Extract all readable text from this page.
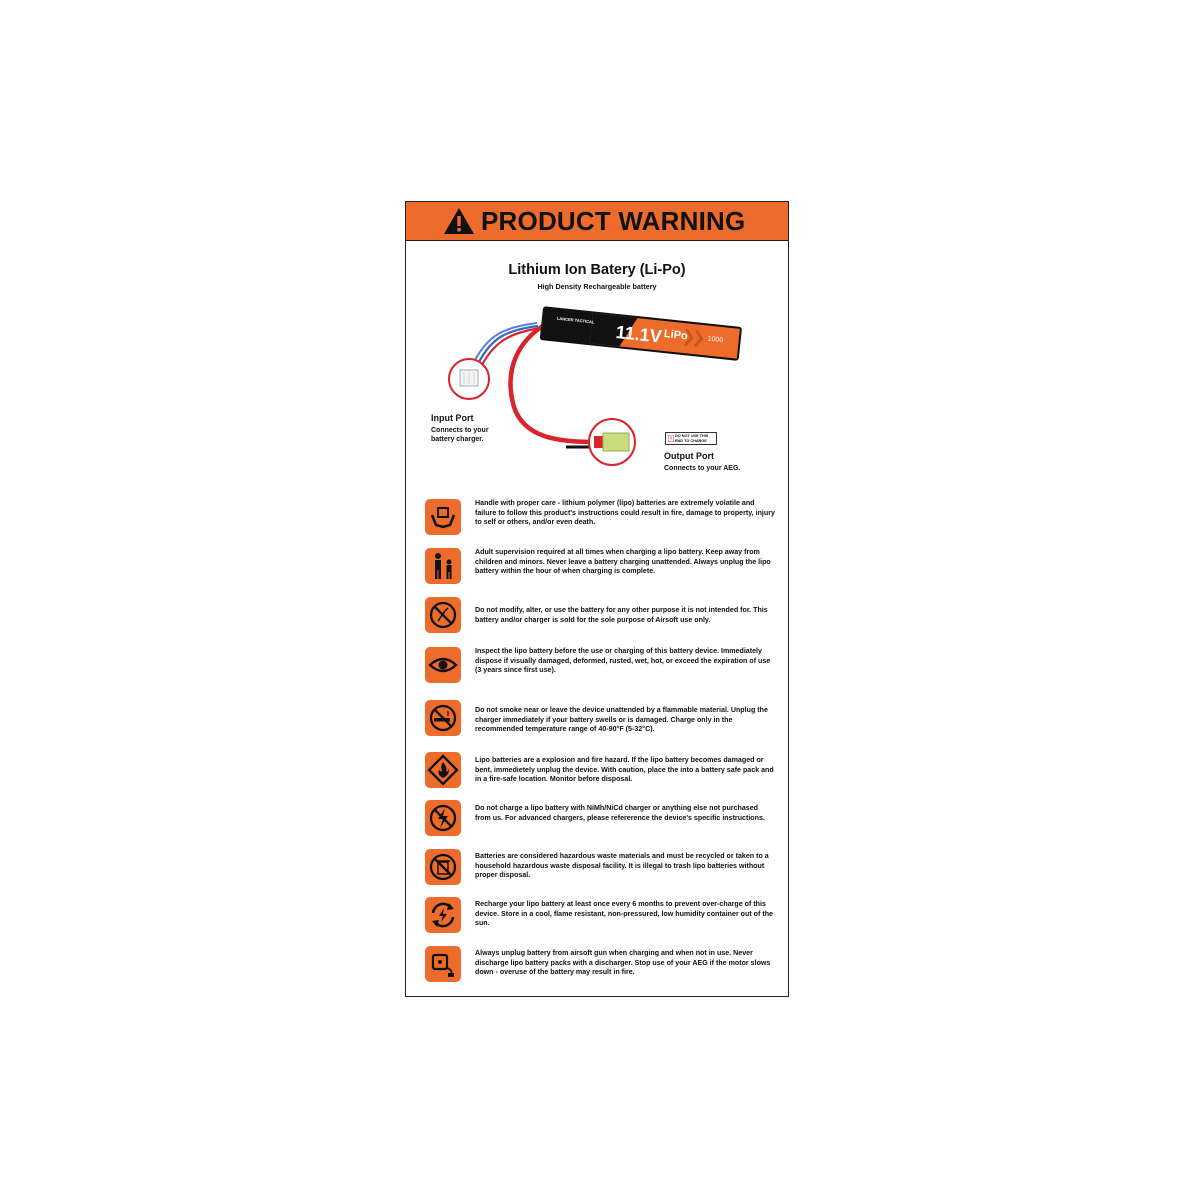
PRODUCT WARNING
Lithium Ion Batery (Li-Po)
High Density Rechargeable battery
11.1V LiPo	1000
LANCER TACTICAL
Input Port
Connects to your
battery charger.	DO NOT USE THIS
END TO CHARGE
Output Port
Connects to your AEG.
Handle with proper care - lithium polymer (lipo) batteries are extremely volatile and failure to follow this product's instructions could result in fire, damage to property, injury to self or others, and/or even death.
Adult supervision required at all times when charging a lipo battery. Keep away from children and minors. Never leave a battery charging unattended. Always unplug the lipo battery within the hour of when charging is complete.
Do not modify, alter, or use the battery for any other purpose it is not intended for. This battery and/or charger is sold for the sole purpose of Airsoft use only.
Inspect the lipo battery before the use or charging of this battery device. Immediately dispose if visually damaged, deformed, rusted, wet, hot, or exceed the expiration of use (3 years since first use).
Do not smoke near or leave the device unattended by a flammable material. Unplug the charger immediately if your battery swells or is damaged. Charge only in the recommended temperature range of 40-90°F (5-32°C).
Lipo batteries are a explosion and fire hazard. If the lipo battery becomes damaged or bent, immedietely unplug the device. With caution, place the into a battery safe pack and in a fire-safe location. Monitor before disposal.
Do not charge a lipo battery with NiMh/NiCd charger or anything else not purchased from us. For advanced chargers, please refererence the device's specific instructions.
Batteries are considered hazardous waste materials and must be recycled or taken to a household hazardous waste disposal facility. It is illegal to trash lipo batteries without proper disposal.
Recharge your lipo battery at least once every 6 months to prevent over-charge of this device. Store in a cool, flame resistant, non-pressured, low humidity container out of the sun.
Always unplug battery from airsoft gun when charging and when not in use. Never discharge lipo battery packs with a discharger. Stop use of your AEG if the motor slows down - overuse of the battery may result in fire.
